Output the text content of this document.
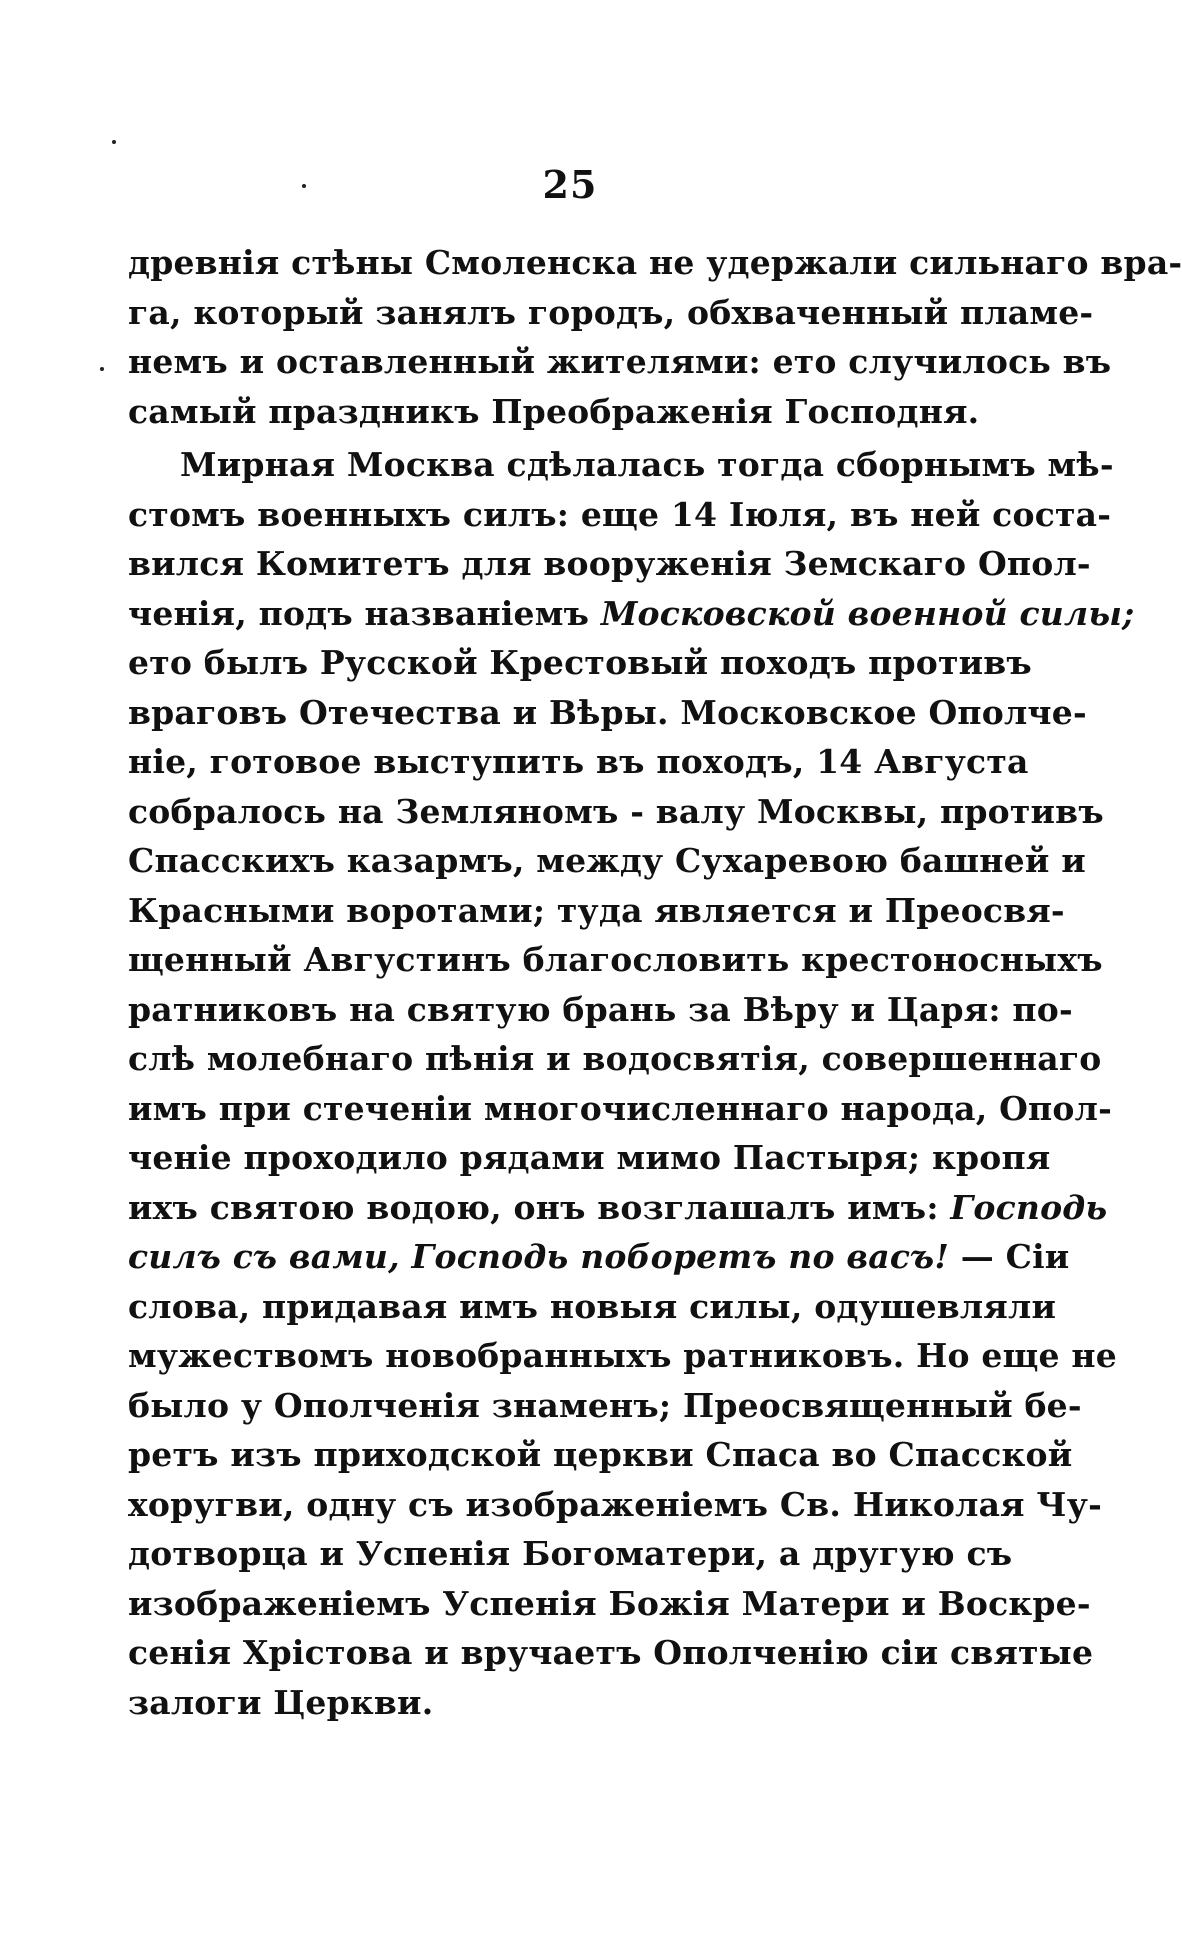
25
древнія стѣны Смоленска не удержали сильнаго вра-
га, который занялъ городъ, обхваченный пламе-
немъ и оставленный жителями: ето случилось въ
самый праздникъ Преображенія Господня.
Мирная Москва сдѣлалась тогда сборнымъ мѣ-
стомъ военныхъ силъ: еще 14 Іюля, въ ней соста-
вился Комитетъ для вооруженія Земскаго Опол-
ченія, подъ названіемъ Московской военной силы;
ето былъ Русской Крестовый походъ противъ
враговъ Отечества и Вѣры. Московское Ополче-
ніе, готовое выступить въ походъ, 14 Августа
собралось на Земляномъ - валу Москвы, противъ
Спасскихъ казармъ, между Сухаревою башней и
Красными воротами; туда является и Преосвя-
щенный Августинъ благословить крестоносныхъ
ратниковъ на святую брань за Вѣру и Царя: по-
слѣ молебнаго пѣнія и водосвятія, совершеннаго
имъ при стеченіи многочисленнаго народа, Опол-
ченіе проходило рядами мимо Пастыря; кропя
ихъ святою водою, онъ возглашалъ имъ: Господь
силъ съ вами, Господь поборетъ по васъ! — Сіи
слова, придавая имъ новыя силы, одушевляли
мужествомъ новобранныхъ ратниковъ. Но еще не
было у Ополченія знаменъ; Преосвященный бе-
ретъ изъ приходской церкви Спаса во Спасской
хоругви, одну съ изображеніемъ Св. Николая Чу-
дотворца и Успенія Богоматери, а другую съ
изображеніемъ Успенія Божія Матери и Воскре-
сенія Хрістова и вручаетъ Ополченію сіи святые
залоги Церкви.
